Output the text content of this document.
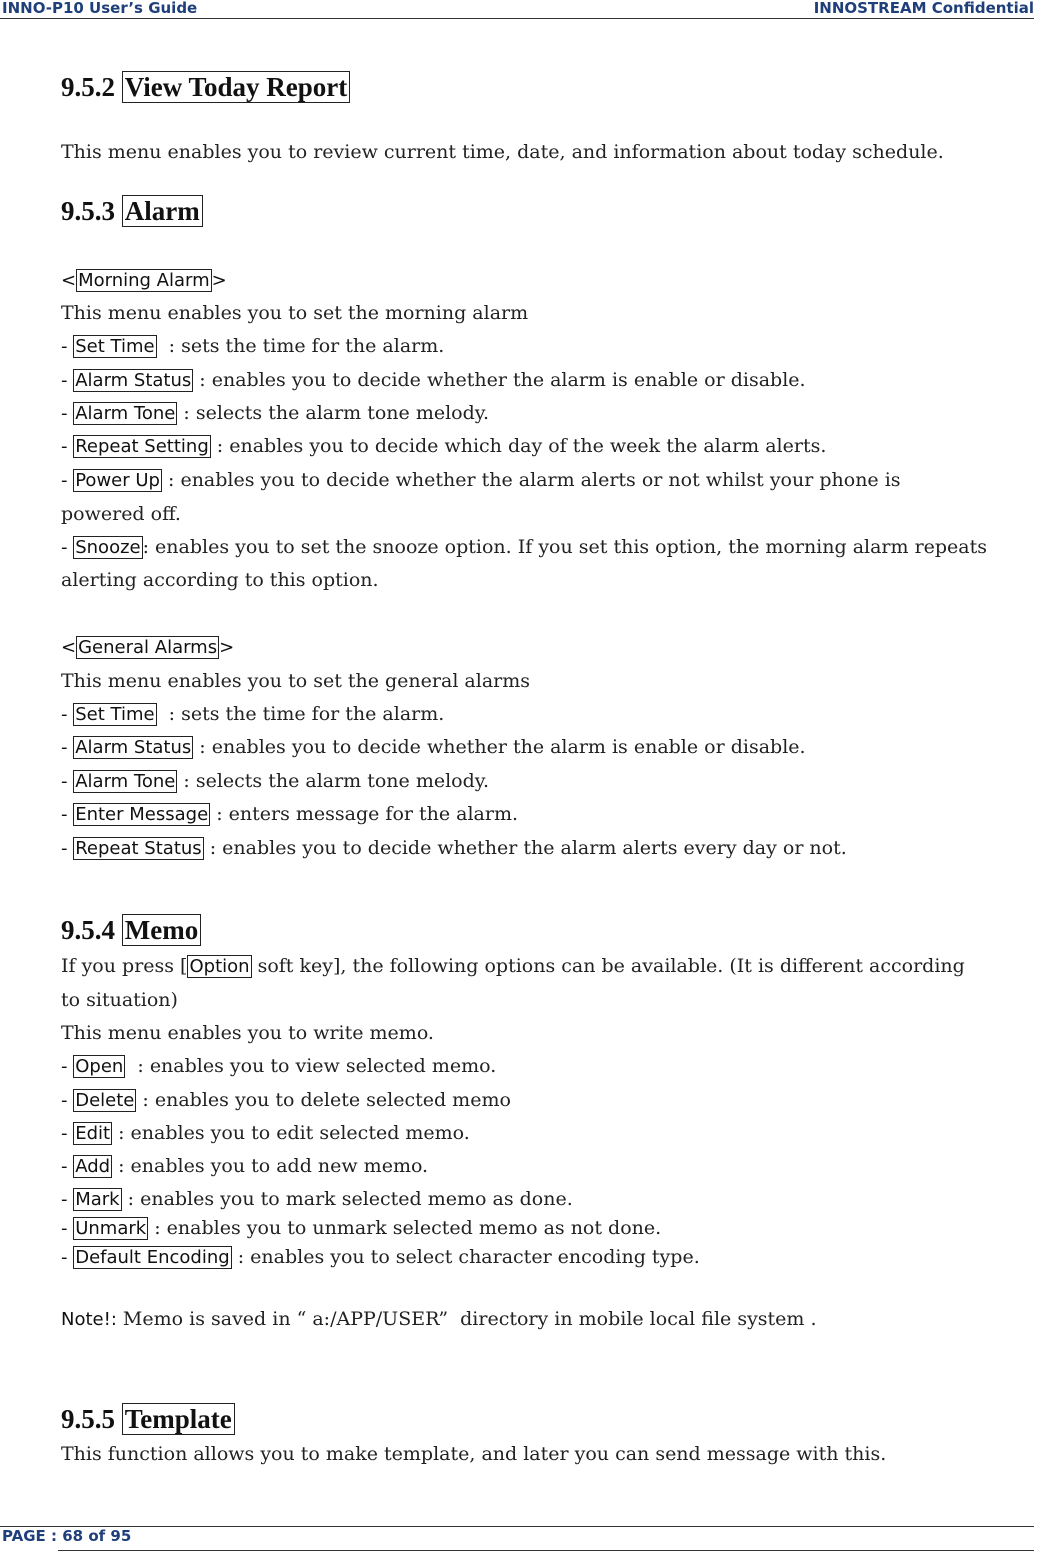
INNO-P10 User’s Guide	INNOSTREAM Confidential
9.5.2 View Today Report
This menu enables you to review current time, date, and information about today schedule.
9.5.3 Alarm
< Morning Alarm >
This menu enables you to set the morning alarm
- Set Time  : sets the time for the alarm.
- Alarm Status : enables you to decide whether the alarm is enable or disable.
- Alarm Tone : selects the alarm tone melody.
- Repeat Setting : enables you to decide which day of the week the alarm alerts.
- Power Up : enables you to decide whether the alarm alerts or not whilst your phone is
powered off.
- Snooze : enables you to set the snooze option. If you set this option, the morning alarm repeats
alerting according to this option.
< General Alarms >
This menu enables you to set the general alarms
- Set Time  : sets the time for the alarm.
- Alarm Status : enables you to decide whether the alarm is enable or disable.
- Alarm Tone : selects the alarm tone melody.
- Enter Message : enters message for the alarm.
- Repeat Status : enables you to decide whether the alarm alerts every day or not.
9.5.4 Memo
If you press [ Option soft key], the following options can be available. (It is different according
to situation)
This menu enables you to write memo.
- Open  : enables you to view selected memo.
- Delete : enables you to delete selected memo
- Edit : enables you to edit selected memo.
- Add : enables you to add new memo.
- Mark : enables you to mark selected memo as done.
- Unmark : enables you to unmark selected memo as not done.
- Default Encoding : enables you to select character encoding type.
Note!: Memo is saved in “ a:/APP/USER”  directory in mobile local file system .
9.5.5 Template
This function allows you to make template, and later you can send message with this.
PAGE : 68 of 95
